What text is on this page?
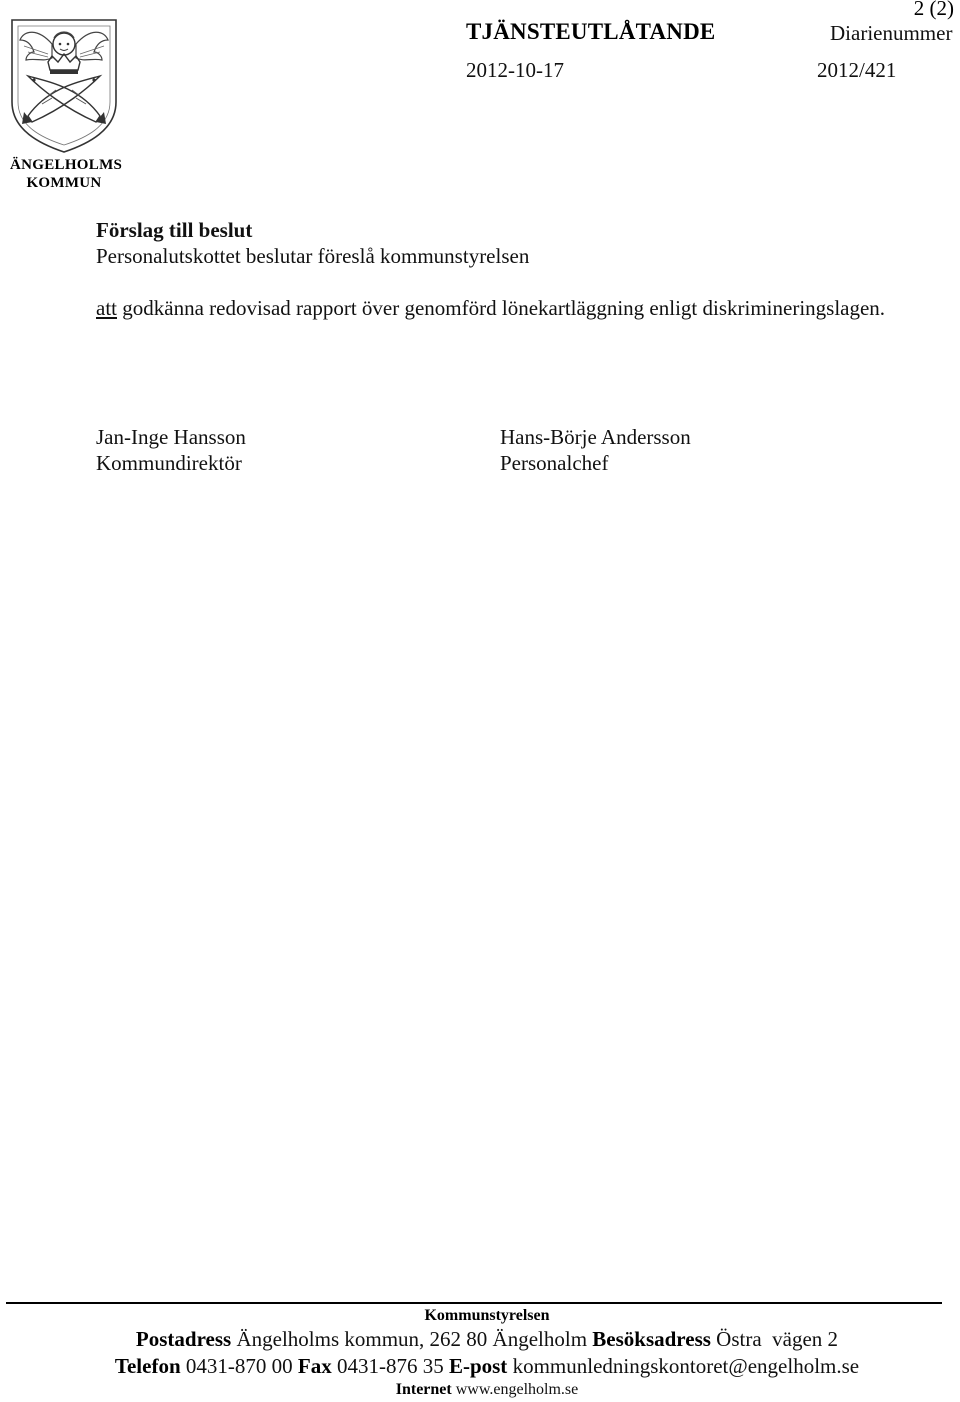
2 (2)
TJÄNSTEUTLÅTANDE	Diarienummer
2012-10-17	2012/421
ÄNGELHOLMS
KOMMUN
Förslag till beslut
Personalutskottet beslutar föreslå kommunstyrelsen
att godkänna redovisad rapport över genomförd lönekartläggning enligt diskrimineringslagen.
Jan-Inge Hansson
Kommundirektör
Hans-Börje Andersson
Personalchef
Kommunstyrelsen
Postadress Ängelholms kommun, 262 80 Ängelholm Besöksadress Östra  vägen 2
Telefon 0431-870 00 Fax 0431-876 35 E-post kommunledningskontoret@engelholm.se
Internet www.engelholm.se
